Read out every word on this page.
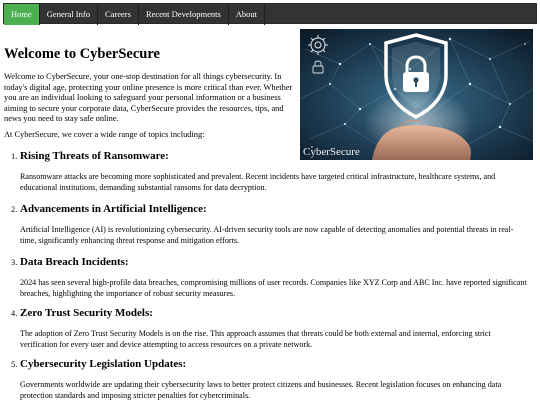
Home	General Info	Careers	Recent Developments	About
CyberSecure
Welcome to CyberSecure

Welcome to CyberSecure, your one-stop destination for all things cybersecurity. In today's digital age, protecting your online presence is more critical than ever. Whether you are an individual looking to safeguard your personal information or a business aiming to secure your corporate data, CyberSecure provides the resources, tips, and news you need to stay safe online.

At CyberSecure, we cover a wide range of topics including:

1. Rising Threats of Ransomware:

Ransomware attacks are becoming more sophisticated and prevalent. Recent incidents have targeted critical infrastructure, healthcare systems, and educational institutions, demanding substantial ransoms for data decryption.

2. Advancements in Artificial Intelligence:

Artificial Intelligence (AI) is revolutionizing cybersecurity. AI-driven security tools are now capable of detecting anomalies and potential threats in real-time, significantly enhancing threat response and mitigation efforts.

3. Data Breach Incidents:

2024 has seen several high-profile data breaches, compromising millions of user records. Companies like XYZ Corp and ABC Inc. have reported significant breaches, highlighting the importance of robust security measures.

4. Zero Trust Security Models:

The adoption of Zero Trust Security Models is on the rise. This approach assumes that threats could be both external and internal, enforcing strict verification for every user and device attempting to access resources on a private network.

5. Cybersecurity Legislation Updates:

Governments worldwide are updating their cybersecurity laws to better protect citizens and businesses. Recent legislation focuses on enhancing data protection standards and imposing stricter penalties for cybercriminals.
